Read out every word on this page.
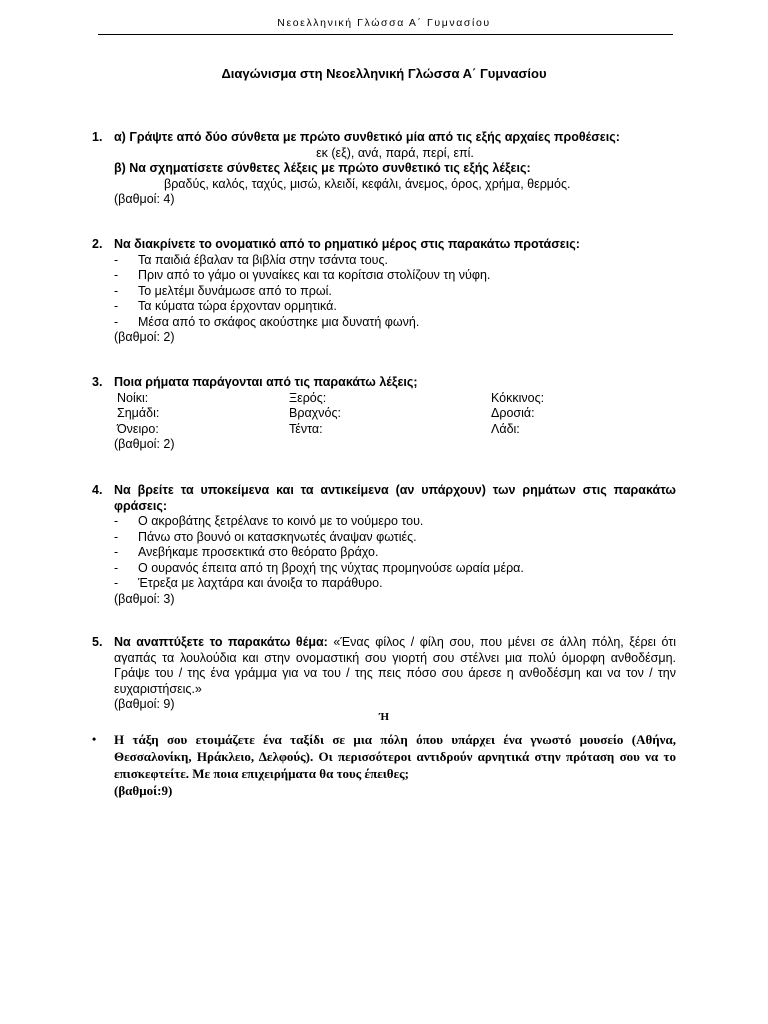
Νεοελληνική Γλώσσα Α΄ Γυμνασίου
Διαγώνισμα στη Νεοελληνική Γλώσσα Α΄ Γυμνασίου
1. α) Γράψτε από δύο σύνθετα με πρώτο συνθετικό μία από τις εξής αρχαίες προθέσεις:
εκ (εξ), ανά, παρά, περί, επί.
β) Να σχηματίσετε σύνθετες λέξεις με πρώτο συνθετικό τις εξής λέξεις:
βραδύς, καλός, ταχύς, μισώ, κλειδί, κεφάλι, άνεμος, όρος, χρήμα, θερμός.
(βαθμοί: 4)
2. Να διακρίνετε το ονοματικό από το ρηματικό μέρος στις παρακάτω προτάσεις:
- Τα παιδιά έβαλαν τα βιβλία στην τσάντα τους.
- Πριν από το γάμο οι γυναίκες και τα κορίτσια στολίζουν τη νύφη.
- Το μελτέμι δυνάμωσε από το πρωί.
- Τα κύματα τώρα έρχονταν ορμητικά.
- Μέσα από το σκάφος ακούστηκε μια δυνατή φωνή.
(βαθμοί: 2)
3. Ποια ρήματα παράγονται από τις παρακάτω λέξεις;
Νοίκι:	Ξερός:	Κόκκινος:
Σημάδι:	Βραχνός:	Δροσιά:
Όνειρο:	Τέντα:	Λάδι:
(βαθμοί: 2)
4. Να βρείτε τα υποκείμενα και τα αντικείμενα (αν υπάρχουν) των ρημάτων στις παρακάτω φράσεις:
- Ο ακροβάτης ξετρέλανε το κοινό με το νούμερο του.
- Πάνω στο βουνό οι κατασκηνωτές άναψαν φωτιές.
- Ανεβήκαμε προσεκτικά στο θεόρατο βράχο.
- Ο ουρανός έπειτα από τη βροχή της νύχτας προμηνούσε ωραία μέρα.
- Έτρεξα με λαχτάρα και άνοιξα το παράθυρο.
(βαθμοί: 3)
5. Να αναπτύξετε το παρακάτω θέμα: «Ένας φίλος / φίλη σου, που μένει σε άλλη πόλη, ξέρει ότι αγαπάς τα λουλούδια και στην ονομαστική σου γιορτή σου στέλνει μια πολύ όμορφη ανθοδέσμη. Γράψε του / της ένα γράμμα για να του / της πεις πόσο σου άρεσε η ανθοδέσμη και να τον / την ευχαριστήσεις.»
(βαθμοί: 9)
Ή
• Η τάξη σου ετοιμάζετε ένα ταξίδι σε μια πόλη όπου υπάρχει ένα γνωστό μουσείο (Αθήνα, Θεσσαλονίκη, Ηράκλειο, Δελφούς). Οι περισσότεροι αντιδρούν αρνητικά στην πρόταση σου να το επισκεφτείτε. Με ποια επιχειρήματα θα τους έπειθες;
(βαθμοί:9)
